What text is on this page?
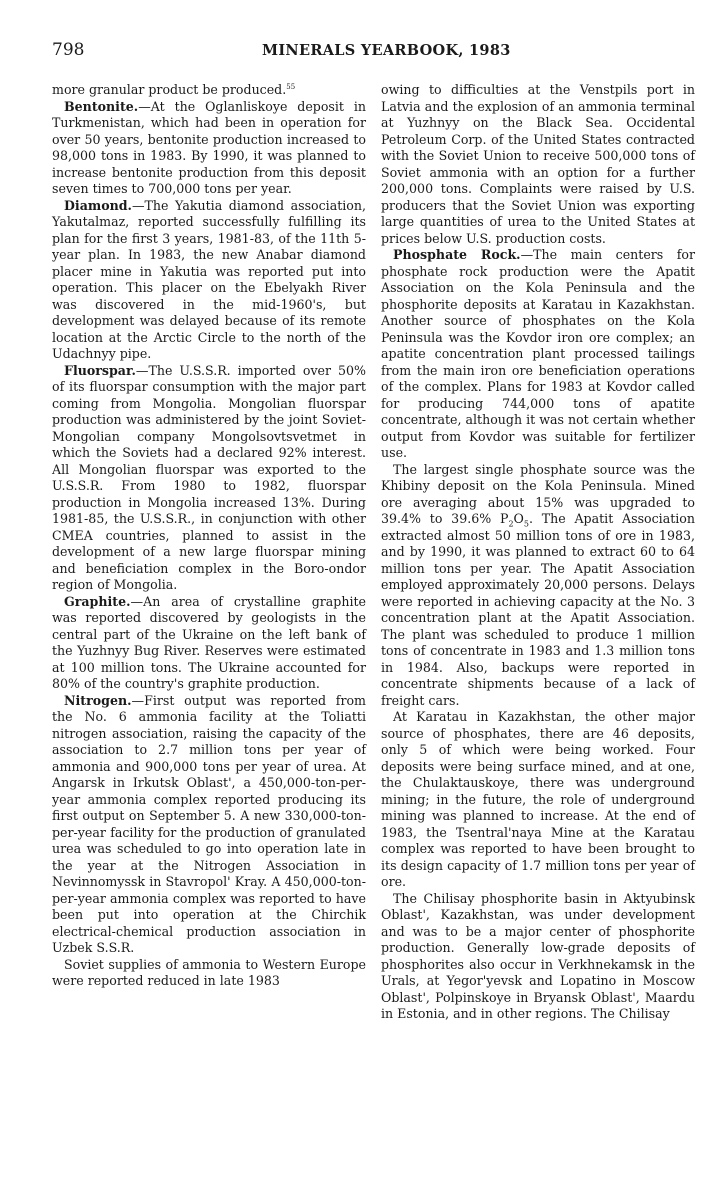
798	MINERALS YEARBOOK, 1983

more granular product be produced.$^{55}$

Bentonite.—At the Oglanliskoye deposit in Turkmenistan, which had been in operation for over 50 years, bentonite production increased to 98,000 tons in 1983. By 1990, it was planned to increase bentonite production from this deposit seven times to 700,000 tons per year.

Diamond.—The Yakutia diamond association, Yakutalmaz, reported successfully fulfilling its plan for the first 3 years, 1981-83, of the 11th 5-year plan. In 1983, the new Anabar diamond placer mine in Yakutia was reported put into operation. This placer on the Ebelyakh River was discovered in the mid-1960's, but development was delayed because of its remote location at the Arctic Circle to the north of the Udachnyy pipe.

Fluorspar.—The U.S.S.R. imported over 50% of its fluorspar consumption with the major part coming from Mongolia. Mongolian fluorspar production was administered by the joint Soviet-Mongolian company Mongolsovtsvetmet in which the Soviets had a declared 92% interest. All Mongolian fluorspar was exported to the U.S.S.R. From 1980 to 1982, fluorspar production in Mongolia increased 13%. During 1981-85, the U.S.S.R., in conjunction with other CMEA countries, planned to assist in the development of a new large fluorspar mining and beneficiation complex in the Boro-ondor region of Mongolia.

Graphite.—An area of crystalline graphite was reported discovered by geologists in the central part of the Ukraine on the left bank of the Yuzhnyy Bug River. Reserves were estimated at 100 million tons. The Ukraine accounted for 80% of the country's graphite production.

Nitrogen.—First output was reported from the No. 6 ammonia facility at the Toliatti nitrogen association, raising the capacity of the association to 2.7 million tons per year of ammonia and 900,000 tons per year of urea. At Angarsk in Irkutsk Oblast', a 450,000-ton-per-year ammonia complex reported producing its first output on September 5. A new 330,000-ton-per-year facility for the production of granulated urea was scheduled to go into operation late in the year at the Nitrogen Association in Nevinnomyssk in Stavropol' Kray. A 450,000-ton-per-year ammonia complex was reported to have been put into operation at the Chirchik electrical-chemical production association in Uzbek S.S.R.

Soviet supplies of ammonia to Western Europe were reported reduced in late 1983

owing to difficulties at the Venstpils port in Latvia and the explosion of an ammonia terminal at Yuzhnyy on the Black Sea. Occidental Petroleum Corp. of the United States contracted with the Soviet Union to receive 500,000 tons of Soviet ammonia with an option for a further 200,000 tons. Complaints were raised by U.S. producers that the Soviet Union was exporting large quantities of urea to the United States at prices below U.S. production costs.

Phosphate Rock.—The main centers for phosphate rock production were the Apatit Association on the Kola Peninsula and the phosphorite deposits at Karatau in Kazakhstan. Another source of phosphates on the Kola Peninsula was the Kovdor iron ore complex; an apatite concentration plant processed tailings from the main iron ore beneficiation operations of the complex. Plans for 1983 at Kovdor called for producing 744,000 tons of apatite concentrate, although it was not certain whether output from Kovdor was suitable for fertilizer use.

The largest single phosphate source was the Khibiny deposit on the Kola Peninsula. Mined ore averaging about 15% was upgraded to 39.4% to 39.6% $P_2O_5$. The Apatit Association extracted almost 50 million tons of ore in 1983, and by 1990, it was planned to extract 60 to 64 million tons per year. The Apatit Association employed approximately 20,000 persons. Delays were reported in achieving capacity at the No. 3 concentration plant at the Apatit Association. The plant was scheduled to produce 1 million tons of concentrate in 1983 and 1.3 million tons in 1984. Also, backups were reported in concentrate shipments because of a lack of freight cars.

At Karatau in Kazakhstan, the other major source of phosphates, there are 46 deposits, only 5 of which were being worked. Four deposits were being surface mined, and at one, the Chulaktauskoye, there was underground mining; in the future, the role of underground mining was planned to increase. At the end of 1983, the Tsentral'naya Mine at the Karatau complex was reported to have been brought to its design capacity of 1.7 million tons per year of ore.

The Chilisay phosphorite basin in Aktyubinsk Oblast', Kazakhstan, was under development and was to be a major center of phosphorite production. Generally low-grade deposits of phosphorites also occur in Verkhnekamsk in the Urals, at Yegor'yevsk and Lopatino in Moscow Oblast', Polpinskoye in Bryansk Oblast', Maardu in Estonia, and in other regions. The Chilisay
